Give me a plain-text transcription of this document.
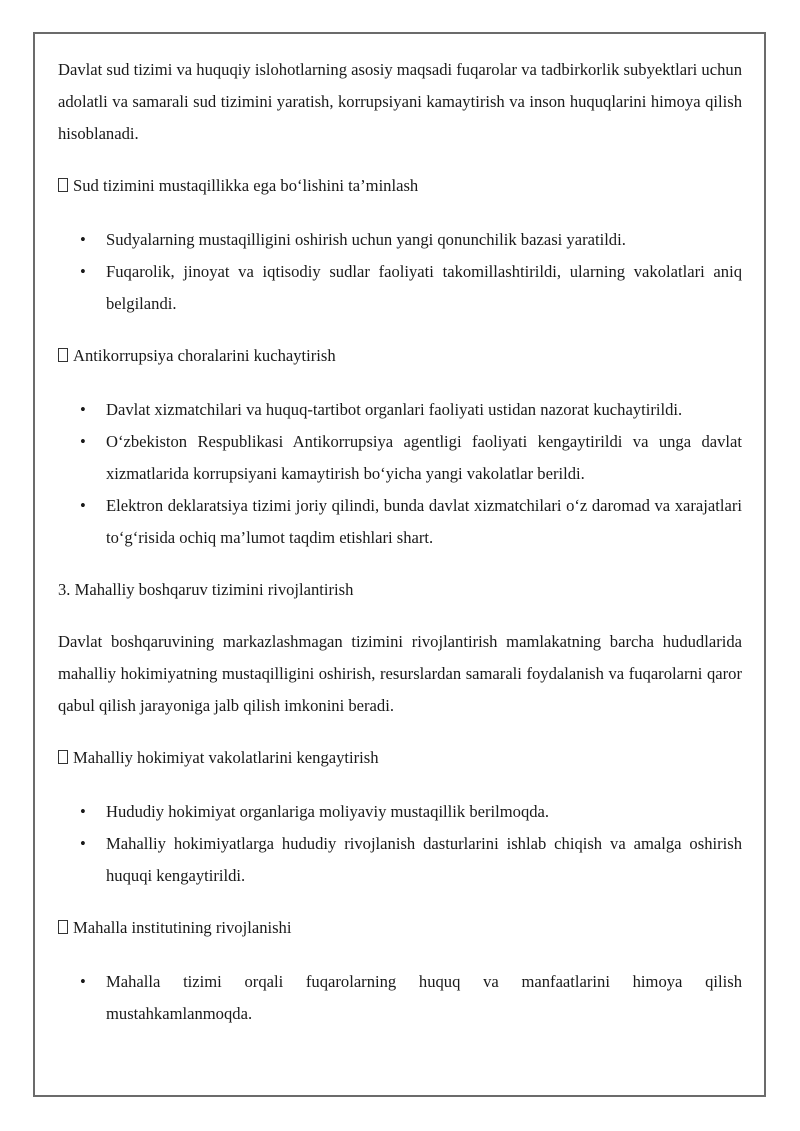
Davlat sud tizimi va huquqiy islohotlarning asosiy maqsadi fuqarolar va tadbirkorlik subyektlari uchun adolatli va samarali sud tizimini yaratish, korrupsiyani kamaytirish va inson huquqlarini himoya qilish hisoblanadi.

Sud tizimini mustaqillikka ega bo‘lishini ta’minlash

• Sudyalarning mustaqilligini oshirish uchun yangi qonunchilik bazasi yaratildi.
• Fuqarolik, jinoyat va iqtisodiy sudlar faoliyati takomillashtirildi, ularning vakolatlari aniq belgilandi.

Antikorrupsiya choralarini kuchaytirish

• Davlat xizmatchilari va huquq-tartibot organlari faoliyati ustidan nazorat kuchaytirildi.
• O‘zbekiston Respublikasi Antikorrupsiya agentligi faoliyati kengaytirildi va unga davlat xizmatlarida korrupsiyani kamaytirish bo‘yicha yangi vakolatlar berildi.
• Elektron deklaratsiya tizimi joriy qilindi, bunda davlat xizmatchilari o‘z daromad va xarajatlari to‘g‘risida ochiq ma’lumot taqdim etishlari shart.

3. Mahalliy boshqaruv tizimini rivojlantirish

Davlat boshqaruvining markazlashmagan tizimini rivojlantirish mamlakatning barcha hududlarida mahalliy hokimiyatning mustaqilligini oshirish, resurslardan samarali foydalanish va fuqarolarni qaror qabul qilish jarayoniga jalb qilish imkonini beradi.

Mahalliy hokimiyat vakolatlarini kengaytirish

• Hududiy hokimiyat organlariga moliyaviy mustaqillik berilmoqda.
• Mahalliy hokimiyatlarga hududiy rivojlanish dasturlarini ishlab chiqish va amalga oshirish huquqi kengaytirildi.

Mahalla institutining rivojlanishi

• Mahalla tizimi orqali fuqarolarning huquq va manfaatlarini himoya qilish mustahkamlanmoqda.
